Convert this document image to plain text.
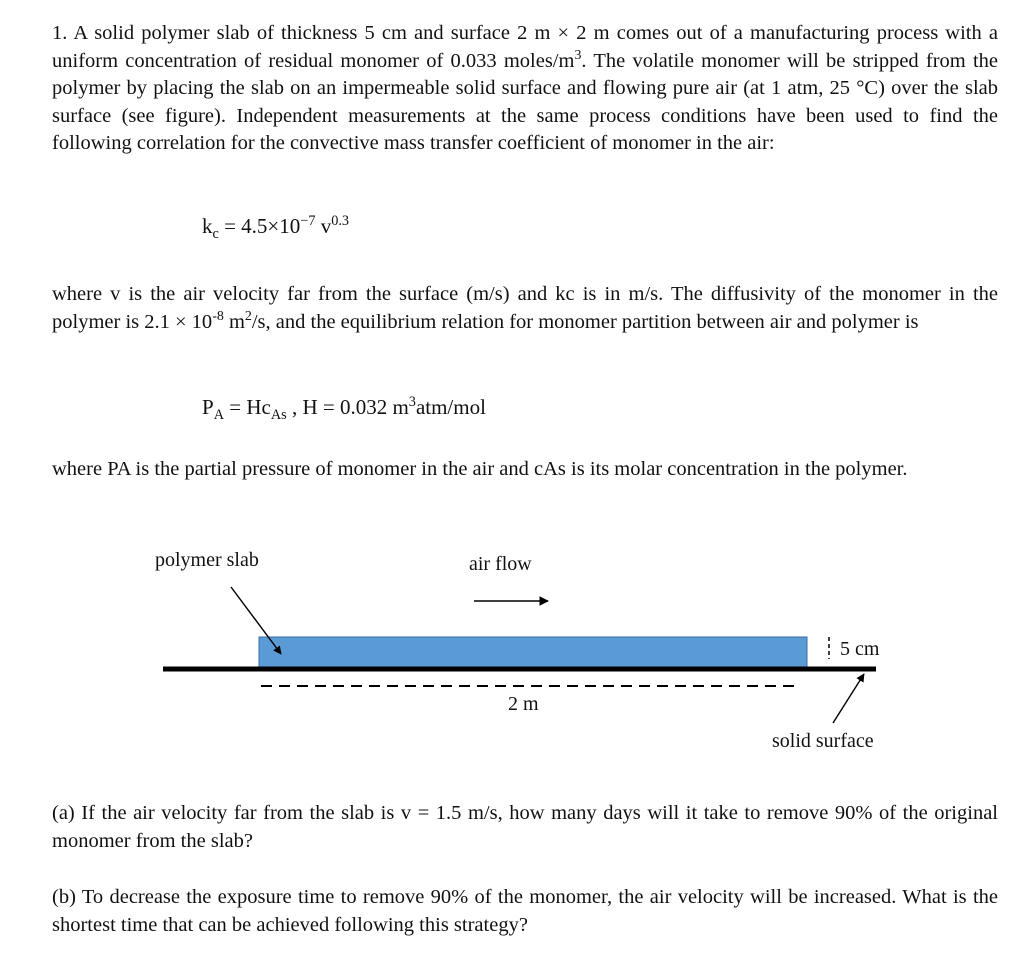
1. A solid polymer slab of thickness 5 cm and surface 2 m × 2 m comes out of a manufacturing process with a uniform concentration of residual monomer of 0.033 moles/$m^3$. The volatile monomer will be stripped from the polymer by placing the slab on an impermeable solid surface and flowing pure air (at 1 atm, 25 °C) over the slab surface (see figure). Independent measurements at the same process conditions have been used to find the following correlation for the convective mass transfer coefficient of monomer in the air:
$k_c = 4.5\times 10^{-7}$ $v^{0.3}$
where v is the air velocity far from the surface (m/s) and kc is in m/s. The diffusivity of the monomer in the polymer is $2.1 \times 10^{-8}$ $m^2/s$, and the equilibrium relation for monomer partition between air and polymer is
$P_A = Hc_{As}$ , H = 0.032 $m^3atm$/mol
where PA is the partial pressure of monomer in the air and cAs is its molar concentration in the polymer.
polymer slab	air flow
5 cm
2 m
solid surface
(a) If the air velocity far from the slab is v = 1.5 m/s, how many days will it take to remove 90% of the original monomer from the slab?
(b) To decrease the exposure time to remove 90% of the monomer, the air velocity will be increased. What is the shortest time that can be achieved following this strategy?
